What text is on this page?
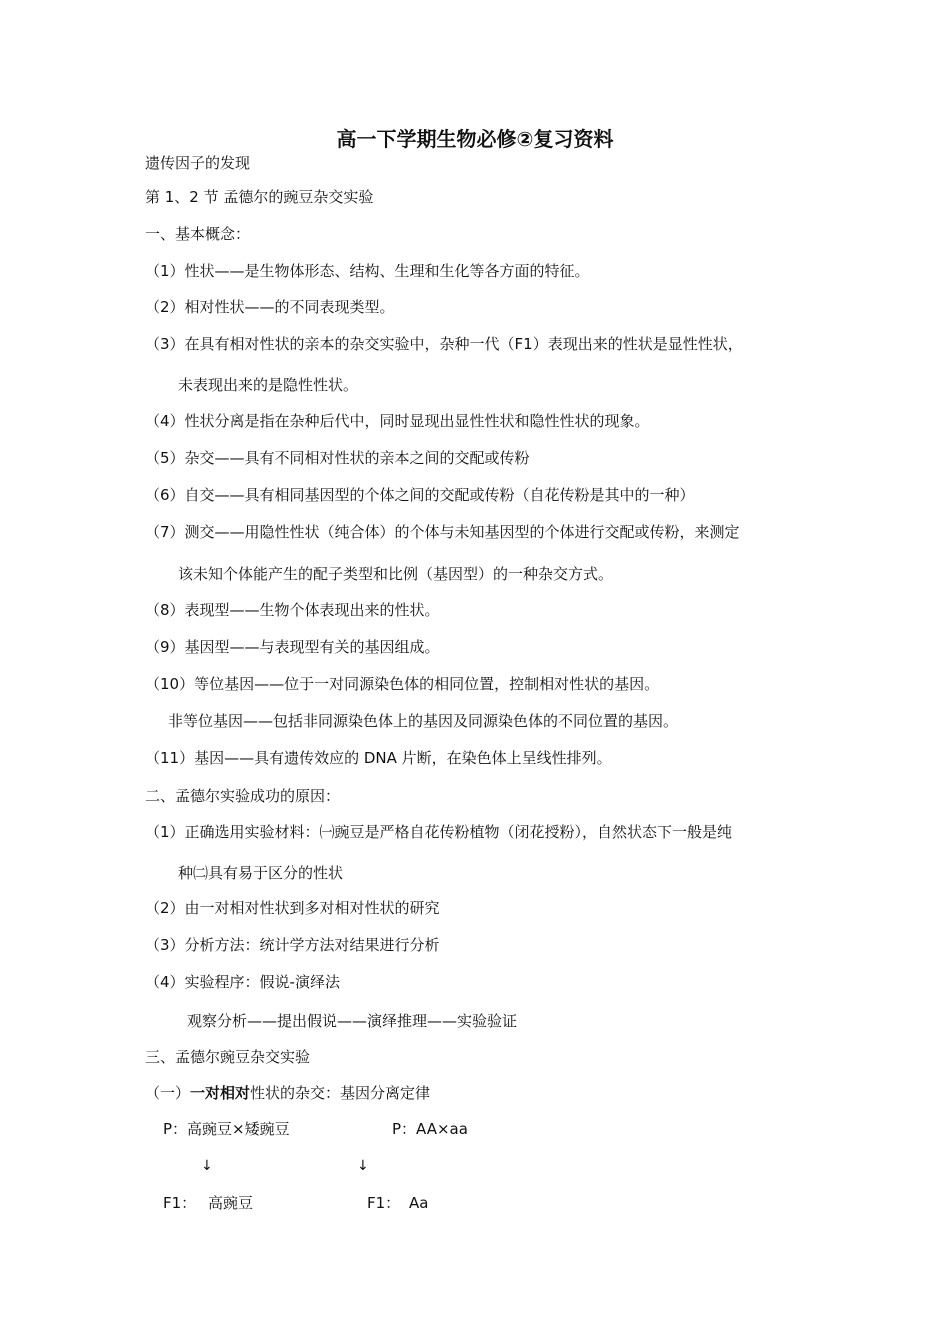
高一下学期生物必修②复习资料
遗传因子的发现
第 1、2 节 孟德尔的豌豆杂交实验
一、基本概念：
（1）性状——是生物体形态、结构、生理和生化等各方面的特征。
（2）相对性状——的不同表现类型。
（3）在具有相对性状的亲本的杂交实验中，杂种一代（F1）表现出来的性状是显性性状，
未表现出来的是隐性性状。
（4）性状分离是指在杂种后代中，同时显现出显性性状和隐性性状的现象。
（5）杂交——具有不同相对性状的亲本之间的交配或传粉
（6）自交——具有相同基因型的个体之间的交配或传粉（自花传粉是其中的一种）
（7）测交——用隐性性状（纯合体）的个体与未知基因型的个体进行交配或传粉，来测定
该未知个体能产生的配子类型和比例（基因型）的一种杂交方式。
（8）表现型——生物个体表现出来的性状。
（9）基因型——与表现型有关的基因组成。
（10）等位基因——位于一对同源染色体的相同位置，控制相对性状的基因。
非等位基因——包括非同源染色体上的基因及同源染色体的不同位置的基因。
（11）基因——具有遗传效应的 DNA 片断，在染色体上呈线性排列。
二、孟德尔实验成功的原因：
（1）正确选用实验材料：㈠豌豆是严格自花传粉植物（闭花授粉），自然状态下一般是纯
种㈡具有易于区分的性状
（2）由一对相对性状到多对相对性状的研究
（3）分析方法：统计学方法对结果进行分析
（4）实验程序：假说-演绎法
观察分析——提出假说——演绎推理——实验验证
三、孟德尔豌豆杂交实验
（一）一对相对性状的杂交：基因分离定律
P：高豌豆×矮豌豆	P：AA×aa
↓	↓
F1： 高豌豆	F1： Aa
